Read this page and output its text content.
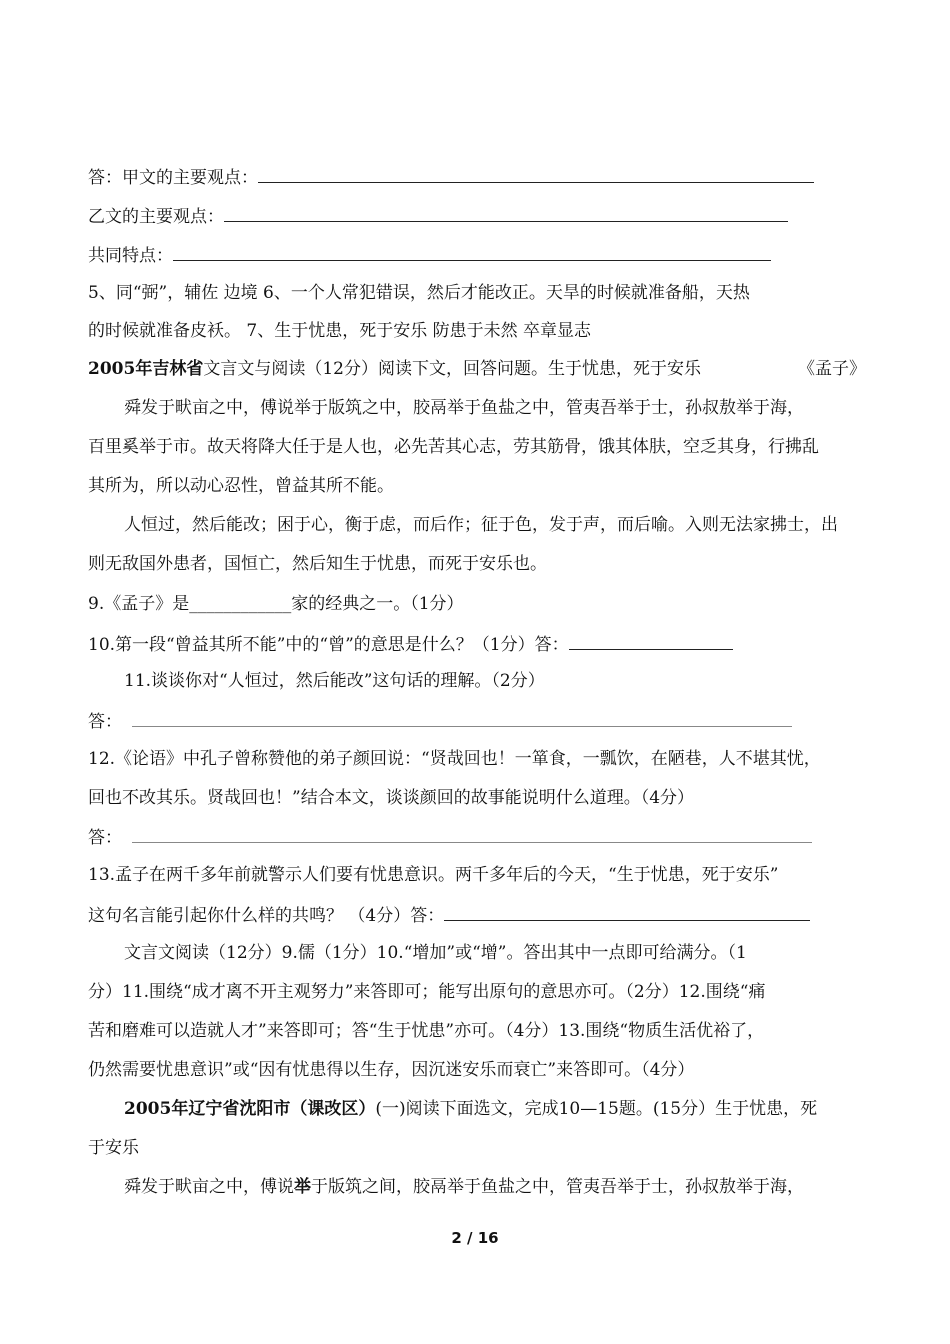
答：甲文的主要观点：
乙文的主要观点：
共同特点：
5、同“弼”，辅佐 边境 6、一个人常犯错误，然后才能改正。天旱的时候就准备船，天热
的时候就准备皮袄。 7、生于忧患，死于安乐 防患于未然 卒章显志
2005年吉林省文言文与阅读（12分）阅读下文，回答问题。生于忧患，死于安乐	《孟子》
舜发于畎亩之中，傅说举于版筑之中，胶鬲举于鱼盐之中，管夷吾举于士，孙叔敖举于海，
百里奚举于市。故天将降大任于是人也，必先苦其心志，劳其筋骨，饿其体肤，空乏其身，行拂乱
其所为，所以动心忍性，曾益其所不能。
人恒过，然后能改；困于心，衡于虑，而后作；征于色，发于声，而后喻。入则无法家拂士，出
则无敌国外患者，国恒亡，然后知生于忧患，而死于安乐也。
9.《孟子》是____________家的经典之一。（1分）
10.第一段“曾益其所不能”中的“曾”的意思是什么？（1分）答：
11.谈谈你对“人恒过，然后能改”这句话的理解。（2分）
答：
12.《论语》中孔子曾称赞他的弟子颜回说：“贤哉回也！一箪食，一瓢饮，在陋巷，人不堪其忧，
回也不改其乐。贤哉回也！”结合本文，谈谈颜回的故事能说明什么道理。（4分）
答：
13.孟子在两千多年前就警示人们要有忧患意识。两千多年后的今天，“生于忧患，死于安乐”
这句名言能引起你什么样的共鸣？ （4分）答：
文言文阅读（12分）9.儒（1分）10.“增加”或“增”。答出其中一点即可给满分。（1
分）11.围绕“成才离不开主观努力”来答即可；能写出原句的意思亦可。（2分）12.围绕“痛
苦和磨难可以造就人才”来答即可；答“生于忧患”亦可。（4分）13.围绕“物质生活优裕了，
仍然需要忧患意识”或“因有忧患得以生存，因沉迷安乐而衰亡”来答即可。（4分）
2005年辽宁省沈阳市（课改区）(一)阅读下面选文，完成10—15题。(15分）生于忧患，死
于安乐
舜发于畎亩之中，傅说举于版筑之间，胶鬲举于鱼盐之中，管夷吾举于士，孙叔敖举于海，
2 / 16
